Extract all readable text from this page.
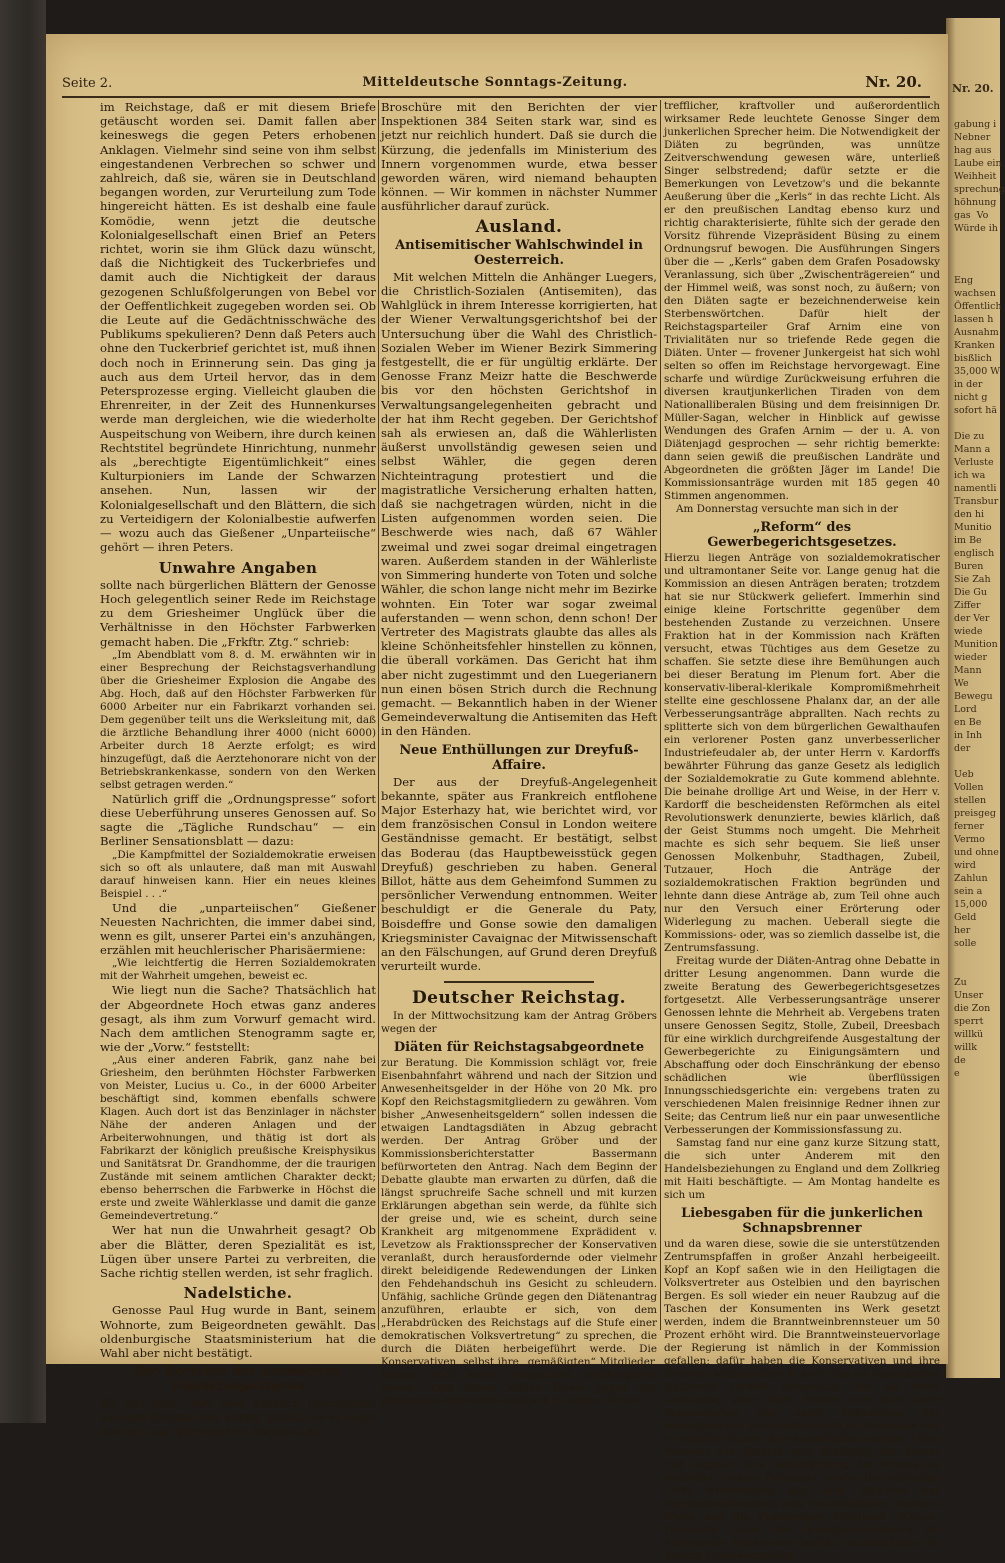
Nr. 20.
gabung i
Nebner
hag aus
Laube ein.
Weihheit
sprechung
höhnung
gas  Vo
Würde ih

Eng
wachsen
Öffentlich
lassen h
Ausnahm
Kranken
bisßlich
35,000 W
in der
nicht g
sofort hä

Die zu
Mann a
Verluste
ich wa
namentli
Transbur
den hi
Munitio
im Be
englisch
Buren
Sie Zah
Die Gu
Ziffer
der Ver
wiede
Munition
wieder
Mann
We
Bewegu
Lord
en Be
in Inh
der

Ueb
Vollen
stellen
preisgeg
ferner
Vermo
und ohne
wird
Zahlun
sein a
15,000
Geld
her
solle

Zu
Unser
die Zon
sperrt
willkü
willk
de
e
Seite 2.	Mitteldeutsche Sonntags-Zeitung.	Nr. 20.

im Reichstage, daß er mit diesem Briefe getäuscht worden sei. Damit fallen aber keineswegs die gegen Peters erhobenen Anklagen. Vielmehr sind seine von ihm selbst eingestandenen Verbrechen so schwer und zahlreich, daß sie, wären sie in Deutschland begangen worden, zur Verurteilung zum Tode hingereicht hätten. Es ist deshalb eine faule Komödie, wenn jetzt die deutsche Kolonialgesellschaft einen Brief an Peters richtet, worin sie ihm Glück dazu wünscht, daß die Nichtigkeit des Tuckerbriefes und damit auch die Nichtigkeit der daraus gezogenen Schlußfolgerungen von Bebel vor der Oeffentlichkeit zugegeben worden sei. Ob die Leute auf die Gedächtnisschwäche des Publikums spekulieren? Denn daß Peters auch ohne den Tuckerbrief gerichtet ist, muß ihnen doch noch in Erinnerung sein. Das ging ja auch aus dem Urteil hervor, das in dem Petersprozesse erging. Vielleicht glauben die Ehrenreiter, in der Zeit des Hunnenkurses werde man dergleichen, wie die wiederholte Auspeitschung von Weibern, ihre durch keinen Rechtstitel begründete Hinrichtung, nunmehr als „berechtigte Eigentümlichkeit“ eines Kulturpioniers im Lande der Schwarzen ansehen. Nun, lassen wir der Kolonialgesellschaft und den Blättern, die sich zu Verteidigern der Kolonialbestie aufwerfen — wozu auch das Gießener „Unparteiische“ gehört — ihren Peters.

Unwahre Angaben

sollte nach bürgerlichen Blättern der Genosse Hoch gelegentlich seiner Rede im Reichstage zu dem Griesheimer Unglück über die Verhältnisse in den Höchster Farbwerken gemacht haben. Die „Frkftr. Ztg.“ schrieb:

„Im Abendblatt vom 8. d. M. erwähnten wir in einer Besprechung der Reichstagsverhandlung über die Griesheimer Explosion die Angabe des Abg. Hoch, daß auf den Höchster Farbwerken für 6000 Arbeiter nur ein Fabrikarzt vorhanden sei. Dem gegenüber teilt uns die Werksleitung mit, daß die ärztliche Behandlung ihrer 4000 (nicht 6000) Arbeiter durch 18 Aerzte erfolgt; es wird hinzugefügt, daß die Aerztehonorare nicht von der Betriebskrankenkasse, sondern von den Werken selbst getragen werden.“

Natürlich griff die „Ordnungspresse“ sofort diese Ueberführung unseres Genossen auf. So sagte die „Tägliche Rundschau“ — ein Berliner Sensationsblatt — dazu:

„Die Kampfmittel der Sozialdemokratie erweisen sich so oft als unlautere, daß man mit Auswahl darauf hinweisen kann. Hier ein neues kleines Beispiel . . .“

Und die „unparteiischen“ Gießener Neuesten Nachrichten, die immer dabei sind, wenn es gilt, unserer Partei ein's anzuhängen, erzählen mit heuchlerischer Pharisäermiene:

„Wie leichtfertig die Herren Sozialdemokraten mit der Wahrheit umgehen, beweist ec.

Wie liegt nun die Sache? Thatsächlich hat der Abgeordnete Hoch etwas ganz anderes gesagt, als ihm zum Vorwurf gemacht wird. Nach dem amtlichen Stenogramm sagte er, wie der „Vorw.“ feststellt:

„Aus einer anderen Fabrik, ganz nahe bei Griesheim, den berühmten Höchster Farbwerken von Meister, Lucius u. Co., in der 6000 Arbeiter beschäftigt sind, kommen ebenfalls schwere Klagen. Auch dort ist das Benzinlager in nächster Nähe der anderen Anlagen und der Arbeiterwohnungen, und thätig ist dort als Fabrikarzt der königlich preußische Kreisphysikus und Sanitätsrat Dr. Grandhomme, der die traurigen Zustände mit seinem amtlichen Charakter deckt; ebenso beherrschen die Farbwerke in Höchst die erste und zweite Wählerklasse und damit die ganze Gemeindevertretung.“

Wer hat nun die Unwahrheit gesagt? Ob aber die Blätter, deren Spezialität es ist, Lügen über unsere Partei zu verbreiten, die Sache richtig stellen werden, ist sehr fraglich.

Nadelstiche.

Genosse Paul Hug wurde in Bant, seinem Wohnorte, zum Beigeordneten gewählt. Das oldenburgische Staatsministerium hat die Wahl aber nicht bestätigt.

Die Berichte der hessischen Fabrikinspektoren

für das Jahr 1900 sind kürzlich erschienen. Sie sind diesmal viel kürzer gefaßt als es sonst der Fall war. Während im Vorjahre die

Broschüre mit den Berichten der vier Inspektionen 384 Seiten stark war, sind es jetzt nur reichlich hundert. Daß sie durch die Kürzung, die jedenfalls im Ministerium des Innern vorgenommen wurde, etwa besser geworden wären, wird niemand behaupten können. — Wir kommen in nächster Nummer ausführlicher darauf zurück.

Ausland.
Antisemitischer Wahlschwindel in Oesterreich.

Mit welchen Mitteln die Anhänger Luegers, die Christlich-Sozialen (Antisemiten), das Wahlglück in ihrem Interesse korrigierten, hat der Wiener Verwaltungsgerichtshof bei der Untersuchung über die Wahl des Christlich-Sozialen Weber im Wiener Bezirk Simmering festgestellt, die er für ungültig erklärte. Der Genosse Franz Meizr hatte die Beschwerde bis vor den höchsten Gerichtshof in Verwaltungsangelegenheiten gebracht und der hat ihm Recht gegeben. Der Gerichtshof sah als erwiesen an, daß die Wählerlisten äußerst unvollständig gewesen seien und selbst Wähler, die gegen deren Nichteintragung protestiert und die magistratliche Versicherung erhalten hatten, daß sie nachgetragen würden, nicht in die Listen aufgenommen worden seien. Die Beschwerde wies nach, daß 67 Wähler zweimal und zwei sogar dreimal eingetragen waren. Außerdem standen in der Wählerliste von Simmering hunderte von Toten und solche Wähler, die schon lange nicht mehr im Bezirke wohnten. Ein Toter war sogar zweimal auferstanden — wenn schon, denn schon! Der Vertreter des Magistrats glaubte das alles als kleine Schönheitsfehler hinstellen zu können, die überall vorkämen. Das Gericht hat ihm aber nicht zugestimmt und den Luegerianern nun einen bösen Strich durch die Rechnung gemacht. — Bekanntlich haben in der Wiener Gemeindeverwaltung die Antisemiten das Heft in den Händen.

Neue Enthüllungen zur Dreyfuß-Affaire.

Der aus der Dreyfuß-Angelegenheit bekannte, später aus Frankreich entflohene Major Esterhazy hat, wie berichtet wird, vor dem französischen Consul in London weitere Geständnisse gemacht. Er bestätigt, selbst das Boderau (das Hauptbeweisstück gegen Dreyfuß) geschrieben zu haben. General Billot, hätte aus dem Geheimfond Summen zu persönlicher Verwendung entnommen. Weiter beschuldigt er die Generale du Paty, Boisdeffre und Gonse sowie den damaligen Kriegsminister Cavaignac der Mitwissenschaft an den Fälschungen, auf Grund deren Dreyfuß verurteilt wurde.

Deutscher Reichstag.

In der Mittwochsitzung kam der Antrag Gröbers wegen der

Diäten für Reichstagsabgeordnete

zur Beratung. Die Kommission schlägt vor, freie Eisenbahnfahrt während und nach der Sitzion und Anwesenheitsgelder in der Höhe von 20 Mk. pro Kopf den Reichstagsmitgliedern zu gewähren. Vom bisher „Anwesenheitsgeldern“ sollen indessen die etwaigen Landtagsdiäten in Abzug gebracht werden. Der Antrag Gröber und der Kommissionsberichterstatter Bassermann befürworteten den Antrag. Nach dem Beginn der Debatte glaubte man erwarten zu dürfen, daß die längst spruchreife Sache schnell und mit kurzen Erklärungen abgethan sein werde, da fühlte sich der greise und, wie es scheint, durch seine Krankheit arg mitgenommene Exprädident v. Levetzow als Fraktionssprecher der Konservativen veranlaßt, durch herausfordernde oder vielmehr direkt beleidigende Redewendungen der Linken den Fehdehandschuh ins Gesicht zu schleudern. Unfähig, sachliche Gründe gegen den Diätenantrag anzuführen, erlaubte er sich, von dem „Herabdrücken des Reichstags auf die Stufe einer demokratischen Volksvertretung“ zu sprechen, die durch die Diäten herbeigeführt werde. Die Konservativen, selbst ihre „gemäßigten“ Mitglieder, können doch keine Gelegenheit vorübergehen lassen, ohne ihrem wilden Hasse gegen das allgemeine Wahlrecht Ausdruck zu geben! In vor-

trefflicher, kraftvoller und außerordentlich wirksamer Rede leuchtete Genosse Singer dem junkerlichen Sprecher heim. Die Notwendigkeit der Diäten zu begründen, was unnütze Zeitverschwendung gewesen wäre, unterließ Singer selbstredend; dafür setzte er die Bemerkungen von Levetzow's und die bekannte Aeußerung über die „Kerls“ in das rechte Licht. Als er den preußischen Landtag ebenso kurz und richtig charakterisierte, fühlte sich der gerade den Vorsitz führende Vizepräsident Büsing zu einem Ordnungsruf bewogen. Die Ausführungen Singers über die — „Kerls“ gaben dem Grafen Posadowsky Veranlassung, sich über „Zwischenträgereien“ und der Himmel weiß, was sonst noch, zu äußern; von den Diäten sagte er bezeichnenderweise kein Sterbenswörtchen. Dafür hielt der Reichstagsparteiler Graf Arnim eine von Trivialitäten nur so triefende Rede gegen die Diäten. Unter — frovener Junkergeist hat sich wohl selten so offen im Reichstage hervorgewagt. Eine scharfe und würdige Zurückweisung erfuhren die diversen krautjunkerlichen Tiraden von dem Nationalliberalen Büsing und dem freisinnigen Dr. Müller-Sagan, welcher in Hinblick auf gewisse Wendungen des Grafen Arnim — der u. A. von Diätenjagd gesprochen — sehr richtig bemerkte: dann seien gewiß die preußischen Landräte und Abgeordneten die größten Jäger im Lande! Die Kommissionsanträge wurden mit 185 gegen 40 Stimmen angenommen.

Am Donnerstag versuchte man sich in der

„Reform“ des Gewerbegerichtsgesetzes.

Hierzu liegen Anträge von sozialdemokratischer und ultramontaner Seite vor. Lange genug hat die Kommission an diesen Anträgen beraten; trotzdem hat sie nur Stückwerk geliefert. Immerhin sind einige kleine Fortschritte gegenüber dem bestehenden Zustande zu verzeichnen. Unsere Fraktion hat in der Kommission nach Kräften versucht, etwas Tüchtiges aus dem Gesetze zu schaffen. Sie setzte diese ihre Bemühungen auch bei dieser Beratung im Plenum fort. Aber die konservativ-liberal-klerikale Kompromißmehrheit stellte eine geschlossene Phalanx dar, an der alle Verbesserungsanträge abprallten. Nach rechts zu splitterte sich von dem bürgerlichen Gewalthaufen ein verlorener Posten ganz unverbesserlicher Industriefeudaler ab, der unter Herrn v. Kardorffs bewährter Führung das ganze Gesetz als lediglich der Sozialdemokratie zu Gute kommend ablehnte. Die beinahe drollige Art und Weise, in der Herr v. Kardorff die bescheidensten Reförmchen als eitel Revolutionswerk denunzierte, bewies klärlich, daß der Geist Stumms noch umgeht. Die Mehrheit machte es sich sehr bequem. Sie ließ unser Genossen Molkenbuhr, Stadthagen, Zubeil, Tutzauer, Hoch die Anträge der sozialdemokratischen Fraktion begründen und lehnte dann diese Anträge ab, zum Teil ohne auch nur den Versuch einer Erörterung oder Widerlegung zu machen. Ueberall siegte die Kommissions- oder, was so ziemlich dasselbe ist, die Zentrumsfassung.

Freitag wurde der Diäten-Antrag ohne Debatte in dritter Lesung angenommen. Dann wurde die zweite Beratung des Gewerbegerichtsgesetzes fortgesetzt. Alle Verbesserungsanträge unserer Genossen lehnte die Mehrheit ab. Vergebens traten unsere Genossen Segitz, Stolle, Zubeil, Dreesbach für eine wirklich durchgreifende Ausgestaltung der Gewerbegerichte zu Einigungsämtern und Abschaffung oder doch Einschränkung der ebenso schädlichen wie überflüssigen Innungsschiedsgerichte ein: vergebens traten zu verschiedenen Malen freisinnige Redner ihnen zur Seite; das Centrum ließ nur ein paar unwesentliche Verbesserungen der Kommissionsfassung zu.

Samstag fand nur eine ganz kurze Sitzung statt, die sich unter Anderem mit den Handelsbeziehungen zu England und dem Zollkrieg mit Haiti beschäftigte. — Am Montag handelte es sich um

Liebesgaben für die junkerlichen Schnapsbrenner

und da waren diese, sowie die sie unterstützenden Zentrumspfaffen in großer Anzahl herbeigeeilt. Kopf an Kopf saßen wie in den Heiligtagen die Volksvertreter aus Ostelbien und den bayrischen Bergen. Es soll wieder ein neuer Raubzug auf die Taschen der Konsumenten ins Werk gesetzt werden, indem die Branntweinbrennsteuer um 50 Prozent erhöht wird. Die Branntweinsteuervorlage der Regierung ist nämlich in der Kommission gefallen; dafür haben die Konservativen und ihre diversen Mitmanscher in aller Eile ein sogenanntes Notgesetz zurecht gemanscht, das sie unter Aufbietung aller ihrer Kräfte: wie aller ihrer Mannschaften und unter Mißachtung der Beschlüsse des Seniorenkonvents in Windeseile und in zwölfter Stunde durchzupeitschen suchen. Ohne Weiteres soll deshalb eine Erhöhung der Steuer und zugleich eine Beschränkung der Produktion eintreten. Unsere Genossen, sowie die freisinnige Linke widersetzten sich dem Vorgehen der Spiritusinteressenten aufs Entschiedenste. Genosse Wurm und die Freisinnigen Fischbeck, Richter, Pachnicke rissen den Branntwein-Erhitern die hygienische Maske vom Gesicht und enthüllten die brutale Interessenpolitik
